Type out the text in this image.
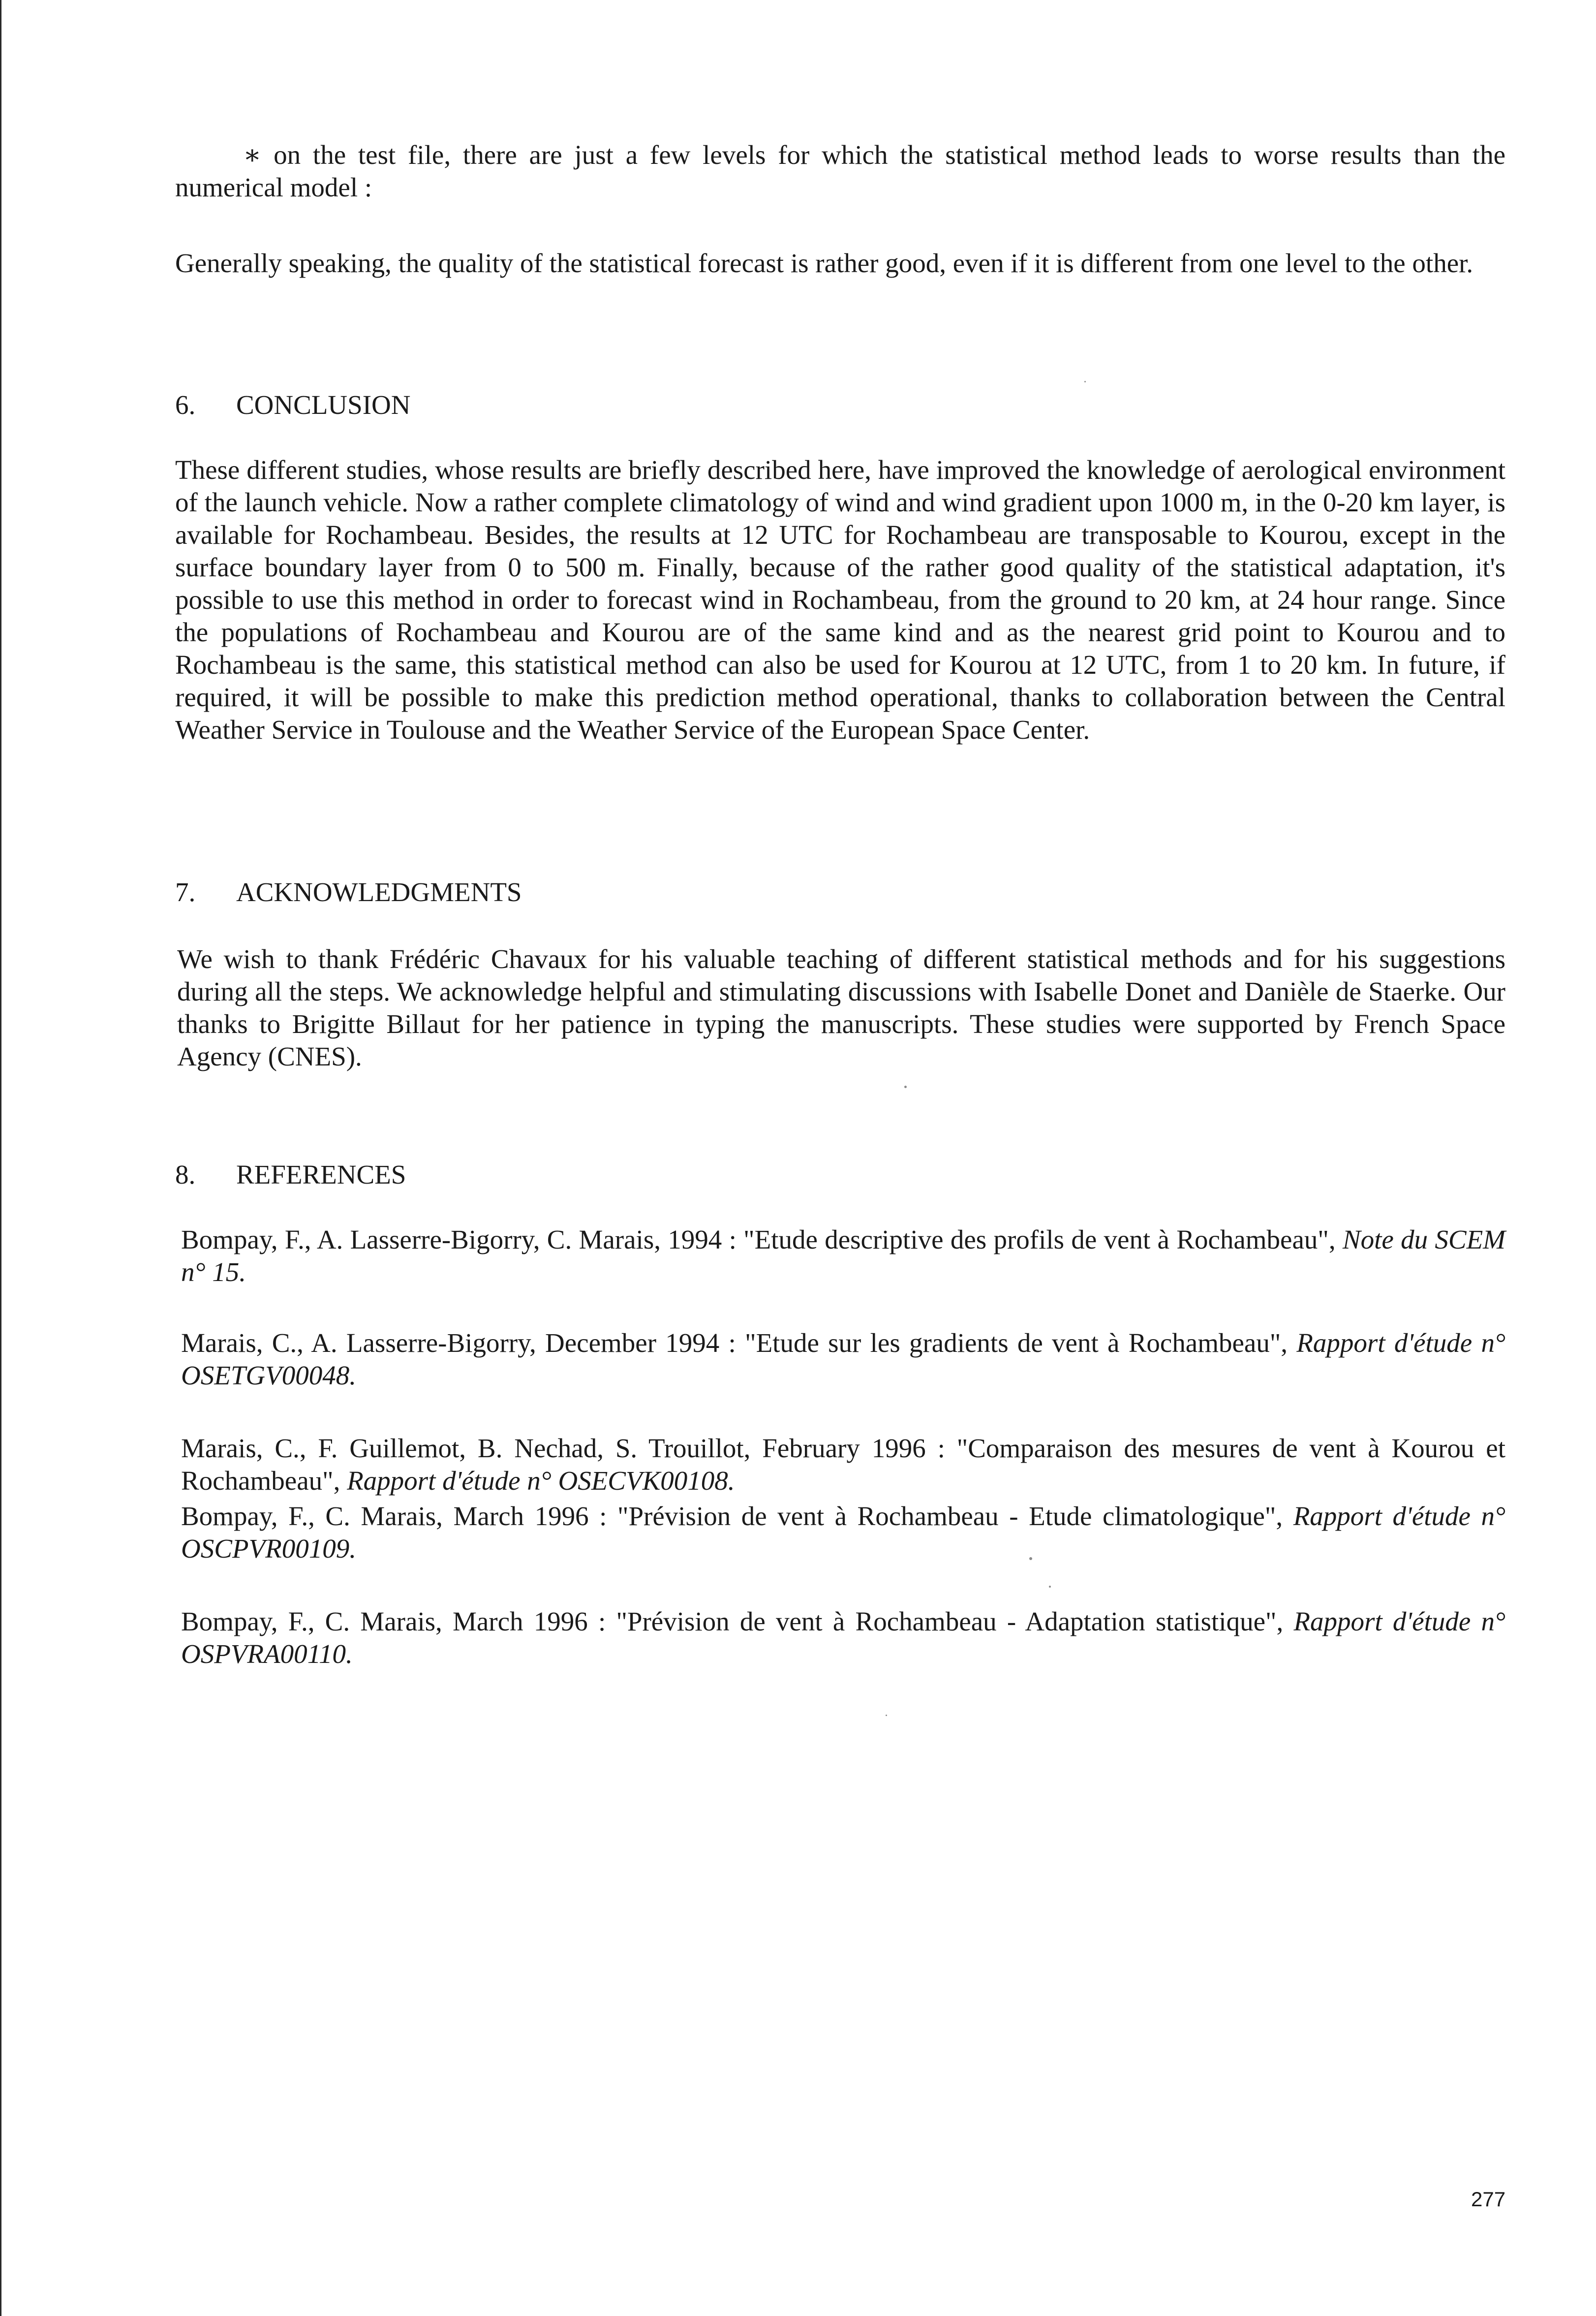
∗ on the test file, there are just a few levels for which the statistical method leads to worse results than the numerical model :

Generally speaking, the quality of the statistical forecast is rather good, even if it is different from one level to the other.

6. CONCLUSION

These different studies, whose results are briefly described here, have improved the knowledge of aerological environment of the launch vehicle. Now a rather complete climatology of wind and wind gradient upon 1000 m, in the 0-20 km layer, is available for Rochambeau. Besides, the results at 12 UTC for Rochambeau are transposable to Kourou, except in the surface boundary layer from 0 to 500 m. Finally, because of the rather good quality of the statistical adaptation, it's possible to use this method in order to forecast wind in Rochambeau, from the ground to 20 km, at 24 hour range. Since the populations of Rochambeau and Kourou are of the same kind and as the nearest grid point to Kourou and to Rochambeau is the same, this statistical method can also be used for Kourou at 12 UTC, from 1 to 20 km. In future, if required, it will be possible to make this prediction method operational, thanks to collaboration between the Central Weather Service in Toulouse and the Weather Service of the European Space Center.

7. ACKNOWLEDGMENTS

We wish to thank Frédéric Chavaux for his valuable teaching of different statistical methods and for his suggestions during all the steps. We acknowledge helpful and stimulating discussions with Isabelle Donet and Danièle de Staerke. Our thanks to Brigitte Billaut for her patience in typing the manuscripts. These studies were supported by French Space Agency (CNES).

8. REFERENCES

Bompay, F., A. Lasserre-Bigorry, C. Marais, 1994 : "Etude descriptive des profils de vent à Rochambeau", Note du SCEM n° 15.

Marais, C., A. Lasserre-Bigorry, December 1994 : "Etude sur les gradients de vent à Rochambeau", Rapport d'étude n° OSETGV00048.

Marais, C., F. Guillemot, B. Nechad, S. Trouillot, February 1996 : "Comparaison des mesures de vent à Kourou et Rochambeau", Rapport d'étude n° OSECVK00108.

Bompay, F., C. Marais, March 1996 : "Prévision de vent à Rochambeau - Etude climatologique", Rapport d'étude n° OSCPVR00109.

Bompay, F., C. Marais, March 1996 : "Prévision de vent à Rochambeau - Adaptation statistique", Rapport d'étude n° OSPVRA00110.

277
